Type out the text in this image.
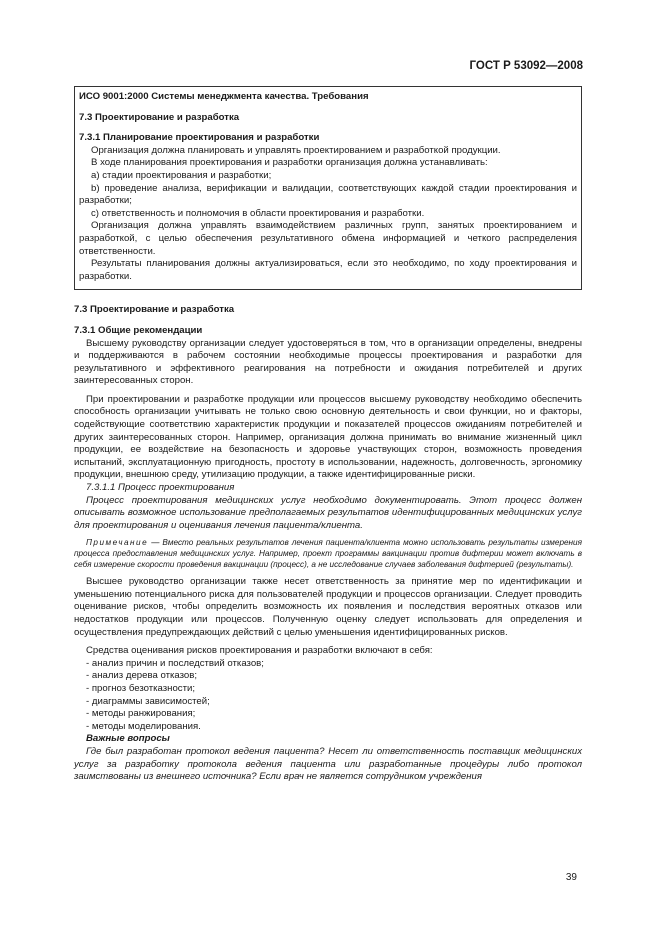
ГОСТ Р 53092—2008

ИСО 9001:2000 Системы менеджмента качества. Требования

7.3 Проектирование и разработка

7.3.1 Планирование проектирования и разработки

Организация должна планировать и управлять проектированием и разработкой продукции.

В ходе планирования проектирования и разработки организация должна устанавливать:

а) стадии проектирования и разработки;

b) проведение анализа, верификации и валидации, соответствующих каждой стадии проектирования и разработки;

с) ответственность и полномочия в области проектирования и разработки.

Организация должна управлять взаимодействием различных групп, занятых проектированием и разработкой, с целью обеспечения результативного обмена информацией и четкого распределения ответственности.

Результаты планирования должны актуализироваться, если это необходимо, по ходу проектирования и разработки.

7.3 Проектирование и разработка

7.3.1 Общие рекомендации

Высшему руководству организации следует удостоверяться в том, что в организации определены, внедрены и поддерживаются в рабочем состоянии необходимые процессы проектирования и разработки для результативного и эффективного реагирования на потребности и ожидания потребителей и других заинтересованных сторон.

При проектировании и разработке продукции или процессов высшему руководству необходимо обеспечить способность организации учитывать не только свою основную деятельность и свои функции, но и факторы, содействующие соответствию характеристик продукции и показателей процессов ожиданиям потребителей и других заинтересованных сторон. Например, организация должна принимать во внимание жизненный цикл продукции, ее воздействие на безопасность и здоровье участвующих сторон, возможность проведения испытаний, эксплуатационную пригодность, простоту в использовании, надежность, долговечность, эргономику продукции, внешнюю среду, утилизацию продукции, а также идентифицированные риски.

7.3.1.1 Процесс проектирования

Процесс проектирования медицинских услуг необходимо документировать. Этот процесс должен описывать возможное использование предполагаемых результатов идентифицированных медицинских услуг для проектирования и оценивания лечения пациента/клиента.

Примечание — Вместо реальных результатов лечения пациента/клиента можно использовать результаты измерения процесса предоставления медицинских услуг. Например, проект программы вакцинации против дифтерии может включать в себя измерение скорости проведения вакцинации (процесс), а не исследование случаев заболевания дифтерией (результаты).

Высшее руководство организации также несет ответственность за принятие мер по идентификации и уменьшению потенциального риска для пользователей продукции и процессов организации. Следует проводить оценивание рисков, чтобы определить возможность их появления и последствия вероятных отказов или недостатков продукции или процессов. Полученную оценку следует использовать для определения и осуществления предупреждающих действий с целью уменьшения идентифицированных рисков.

Средства оценивания рисков проектирования и разработки включают в себя:

- анализ причин и последствий отказов;

- анализ дерева отказов;

- прогноз безотказности;

- диаграммы зависимостей;

- методы ранжирования;

- методы моделирования.

Важные вопросы

Где был разработан протокол ведения пациента? Несет ли ответственность поставщик медицинских услуг за разработку протокола ведения пациента или разработанные процедуры либо протокол заимствованы из внешнего источника? Если врач не является сотрудником учреждения

39
